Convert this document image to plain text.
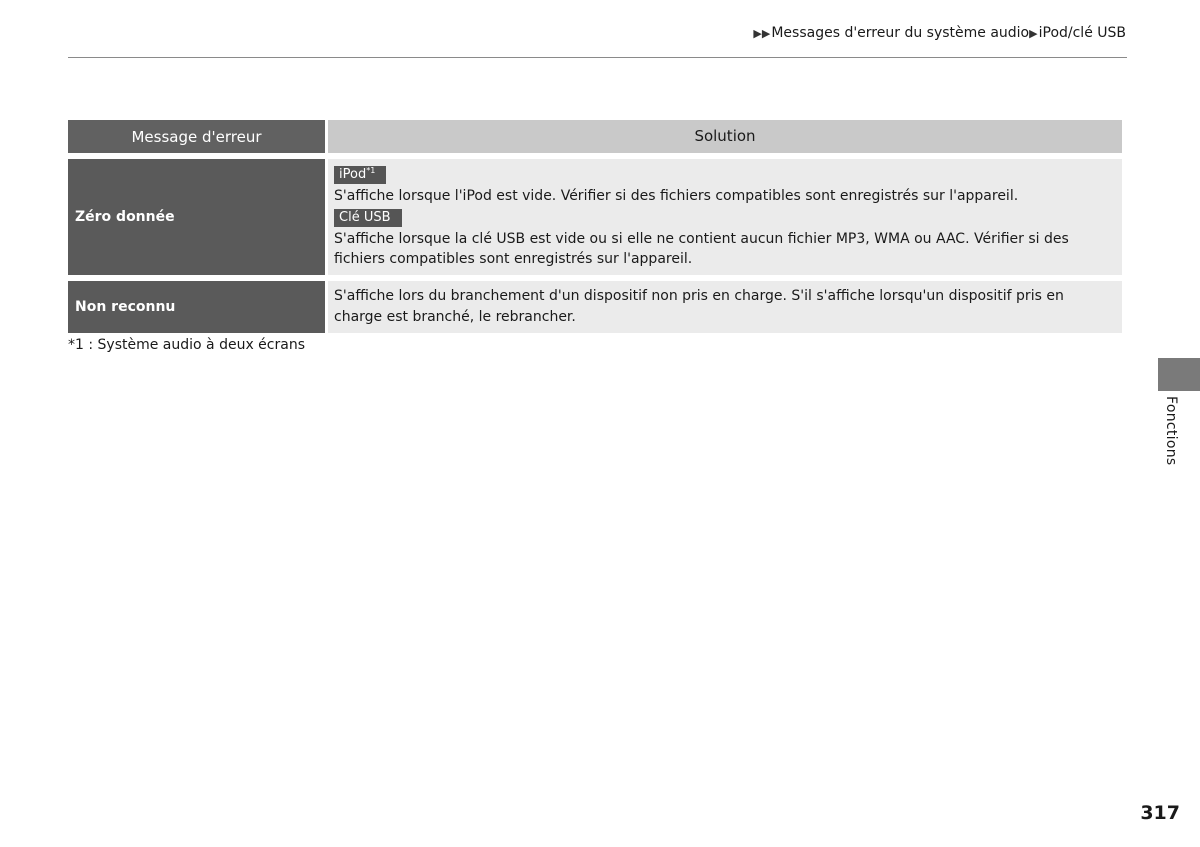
▶▶ Messages d'erreur du système audio ▶ iPod/clé USB
Message d'erreur	Solution
Zéro donnée
iPod$^{*1}$
S'affiche lorsque l'iPod est vide. Vérifier si des fichiers compatibles sont enregistrés sur l'appareil.
Clé USB
S'affiche lorsque la clé USB est vide ou si elle ne contient aucun fichier MP3, WMA ou AAC. Vérifier si des fichiers compatibles sont enregistrés sur l'appareil.
Non reconnu
S'affiche lors du branchement d'un dispositif non pris en charge. S'il s'affiche lorsqu'un dispositif pris en charge est branché, le rebrancher.
*1 : Système audio à deux écrans
Fonctions
317
